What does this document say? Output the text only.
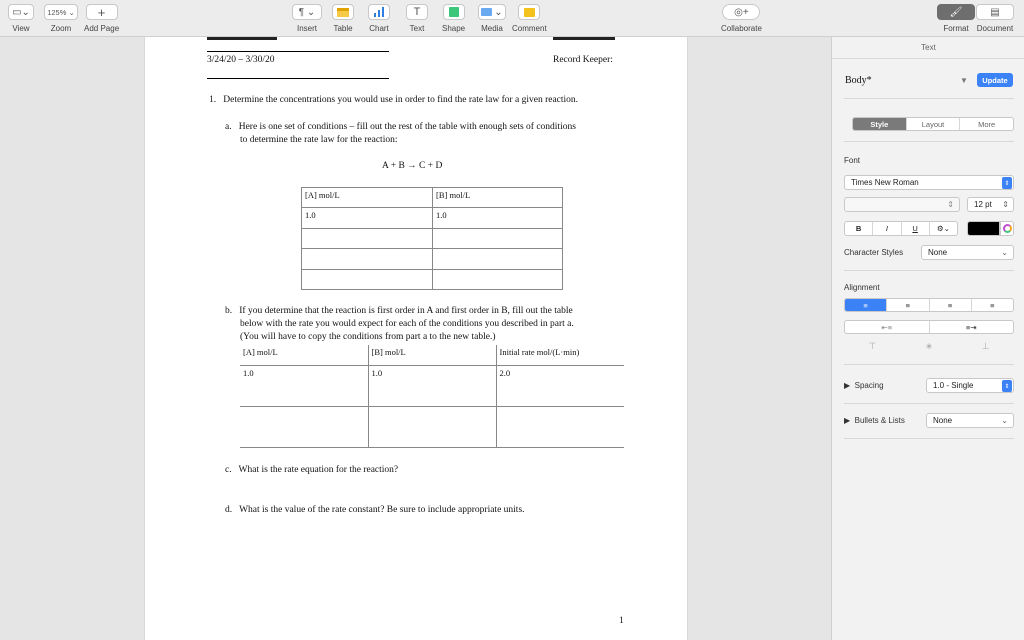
▭⌄
View
125% ⌄
Zoom
+
Add Page
¶ ⌄
Insert Table Chart
T
Text Shape
⌄
Media Comment
◎+
Collaborate
🖌
Format
▤
Document
3/24/20 – 3/30/20	Record Keeper:
1.   Determine the concentrations you would use in order to find the rate law for a given reaction.
a.   Here is one set of conditions – fill out the rest of the table with enough sets of conditions
to determine the rate law for the reaction:
A + B → C + D
[A] mol/L	[B] mol/L
1.0	1.0

b.   If you determine that the reaction is first order in A and first order in B, fill out the table
below with the rate you would expect for each of the conditions you described in part a.
(You will have to copy the conditions from part a to the new table.)
[A] mol/L	[B] mol/L	Initial rate mol/(L·min)
1.0	1.0	2.0

c.   What is the rate equation for the reaction?
d.   What is the value of the rate constant? Be sure to include appropriate units.
1
Text
Body*	▼	Update
Style	Layout	More
Font
Times New Roman	⇕
⇕	12 pt ⇕
B	I	U	⚙⌄
Character Styles	None	⌄
Alignment
≡	≡	≡	≡
⇤≡	≡⇥
⊤	∗	⊥
▶  Spacing	1.0 - Single	⇕
▶  Bullets & Lists	None	⌄
